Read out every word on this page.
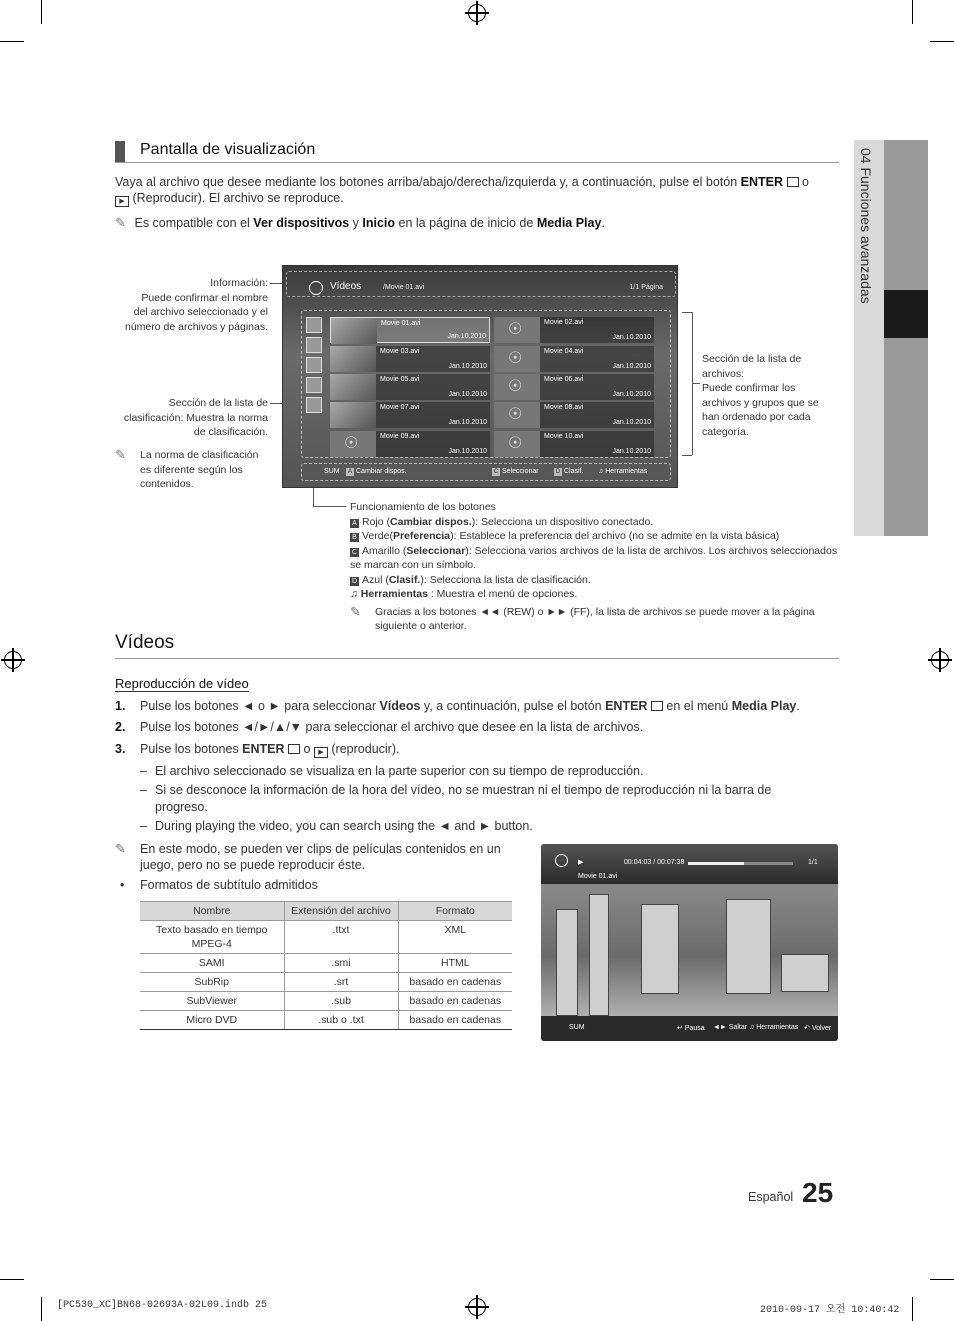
04 Funciones avanzadas
Pantalla de visualización
Vaya al archivo que desee mediante los botones arriba/abajo/derecha/izquierda y, a continuación, pulse el botón ENTER  o
▶ (Reproducir). El archivo se reproduce.
✎ Es compatible con el Ver dispositivos y Inicio en la página de inicio de Media Play.
Información:
Puede confirmar el nombre
del archivo seleccionado y el
número de archivos y páginas.
Sección de la lista de
clasificación: Muestra la norma
de clasificación.
✎	La norma de clasificación
es diferente según los
contenidos.
Sección de la lista de
archivos:
Puede confirmar los
archivos y grupos que se
han ordenado por cada
categoría.
Vídeos	/Movie 01.avi	1/1 Página
Movie 01.avi
Jan.10.2010
☉
Movie 02.avi
Jan.10.2010
Movie 03.avi
Jan.10.2010
☉
Movie 04.avi
Jan.10.2010
Movie 05.avi
Jan.10.2010
☉
Movie 06.avi
Jan.10.2010
Movie 07.avi
Jan.10.2010
☉
Movie 08.avi
Jan.10.2010
☉
Movie 09.avi
Jan.10.2010
☉
Movie 10.avi
Jan.10.2010
SUM	A Cambiar dispos.	C Seleccionar	D Clasif. ♫ Herramientas
Funcionamiento de los botones
A Rojo (Cambiar dispos.): Selecciona un dispositivo conectado.
B Verde(Preferencia): Establece la preferencia del archivo (no se admite en la vista básica)
C Amarillo (Seleccionar): Selecciona varios archivos de la lista de archivos. Los archivos seleccionados se marcan con un símbolo.
D Azul (Clasif.): Selecciona la lista de clasificación.
♫ Herramientas : Muestra el menú de opciones.
✎	Gracias a los botones ◄◄ (REW) o ►► (FF), la lista de archivos se puede mover a la página siguiente o anterior.
Vídeos
Reproducción de vídeo
1. Pulse los botones ◄ o ► para seleccionar Vídeos y, a continuación, pulse el botón ENTER  en el menú Media Play.
2. Pulse los botones ◄/►/▲/▼ para seleccionar el archivo que desee en la lista de archivos.
3. Pulse los botones ENTER  o ▶ (reproducir).
– El archivo seleccionado se visualiza en la parte superior con su tiempo de reproducción.
– Si se desconoce la información de la hora del vídeo, no se muestran ni el tiempo de reproducción ni la barra de progreso.
– During playing the video, you can search using the ◄ and ► button.
✎	En este modo, se pueden ver clips de películas contenidos en un juego, pero no se puede reproducir éste.
• Formatos de subtítulo admitidos
Nombre	Extensión del archivo	Formato
Texto basado en tiempo MPEG-4	.ttxt	XML
SAMI	.smi	HTML
SubRip	.srt	basado en cadenas
SubViewer	.sub	basado en cadenas
Micro DVD	.sub o .txt	basado en cadenas
▶	00:04:03 / 00:07:38	1/1
Movie 01.avi
SUM	↵ Pausa ◄► Saltar ♫ Herramientas ↶ Volver
Español 25
[PC530_XC]BN68-02693A-02L09.indb 25	2010-09-17 오전 10:40:42
